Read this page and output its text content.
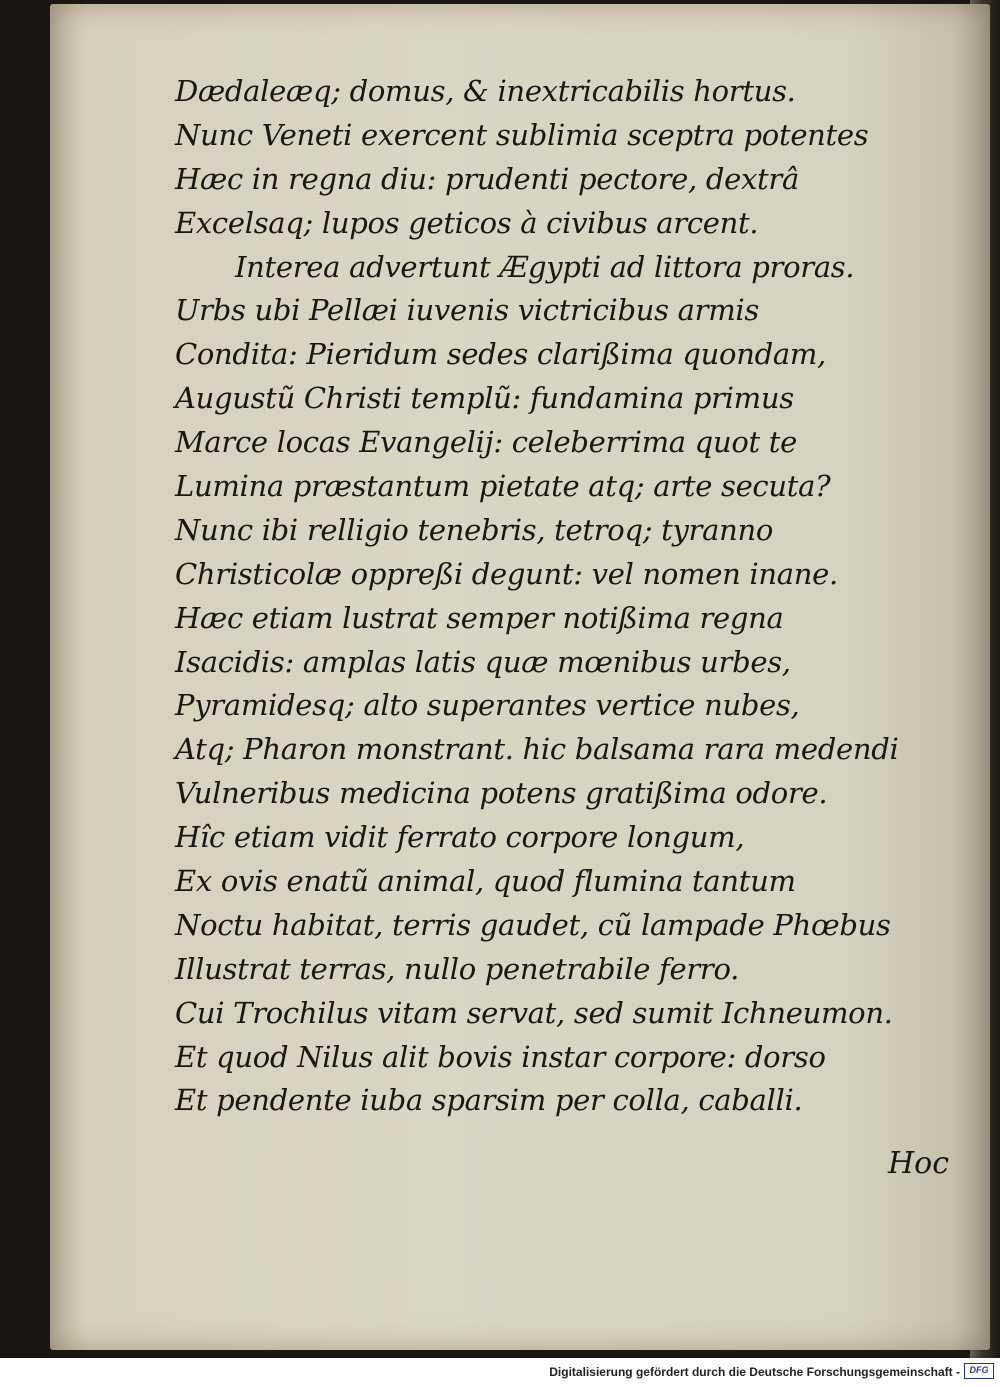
Dædaleæq; domus, & inextricabilis hortus.
Nunc Veneti exercent sublimia sceptra potentes
Hæc in regna diu: prudenti pectore, dextrâ
Excelsaq; lupos geticos à civibus arcent.
Interea advertunt Ægypti ad littora proras.
Urbs ubi Pellæi iuvenis victricibus armis
Condita: Pieridum sedes clarißima quondam,
Augustũ Christi templũ: fundamina primus
Marce locas Evangelij: celeberrima quot te
Lumina præstantum pietate atq; arte secuta?
Nunc ibi relligio tenebris, tetroq; tyranno
Christicolæ oppreßi degunt: vel nomen inane.
Hæc etiam lustrat semper notißima regna
Isacidis: amplas latis quæ mœnibus urbes,
Pyramidesq; alto superantes vertice nubes,
Atq; Pharon monstrant. hic balsama rara medendi
Vulneribus medicina potens gratißima odore.
Hîc etiam vidit ferrato corpore longum,
Ex ovis enatũ animal, quod flumina tantum
Noctu habitat, terris gaudet, cũ lampade Phœbus
Illustrat terras, nullo penetrabile ferro.
Cui Trochilus vitam servat, sed sumit Ichneumon.
Et quod Nilus alit bovis instar corpore: dorso
Et pendente iuba sparsim per colla, caballi.
Hoc
Digitalisierung gefördert durch die Deutsche Forschungsgemeinschaft -	DFG
